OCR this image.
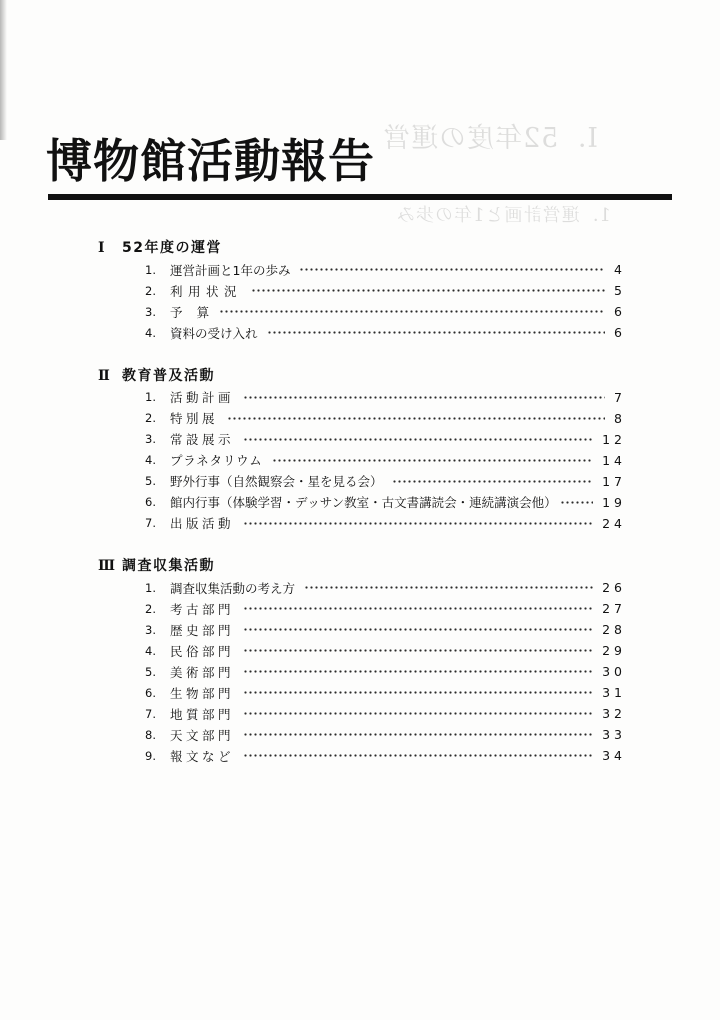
Ⅰ．52年度の運営
1．運営計画と1年の歩み
博物館活動報告
Ⅰ 52年度の運営
1.	運営計画と1年の歩み	4
2.	利用状況	5
3.	予　算	6
4.	資料の受け入れ	6
Ⅱ 教育普及活動
1.	活動計画	7
2.	特別展	8
3.	常設展示	12
4.	プラネタリウム	14
5.	野外行事（自然観察会・星を見る会）	17
6.	館内行事（体験学習・デッサン教室・古文書講読会・連続講演会他）	19
7.	出版活動	24
Ⅲ 調査収集活動
1.	調査収集活動の考え方	26
2.	考古部門	27
3.	歴史部門	28
4.	民俗部門	29
5.	美術部門	30
6.	生物部門	31
7.	地質部門	32
8.	天文部門	33
9.	報文など	34
